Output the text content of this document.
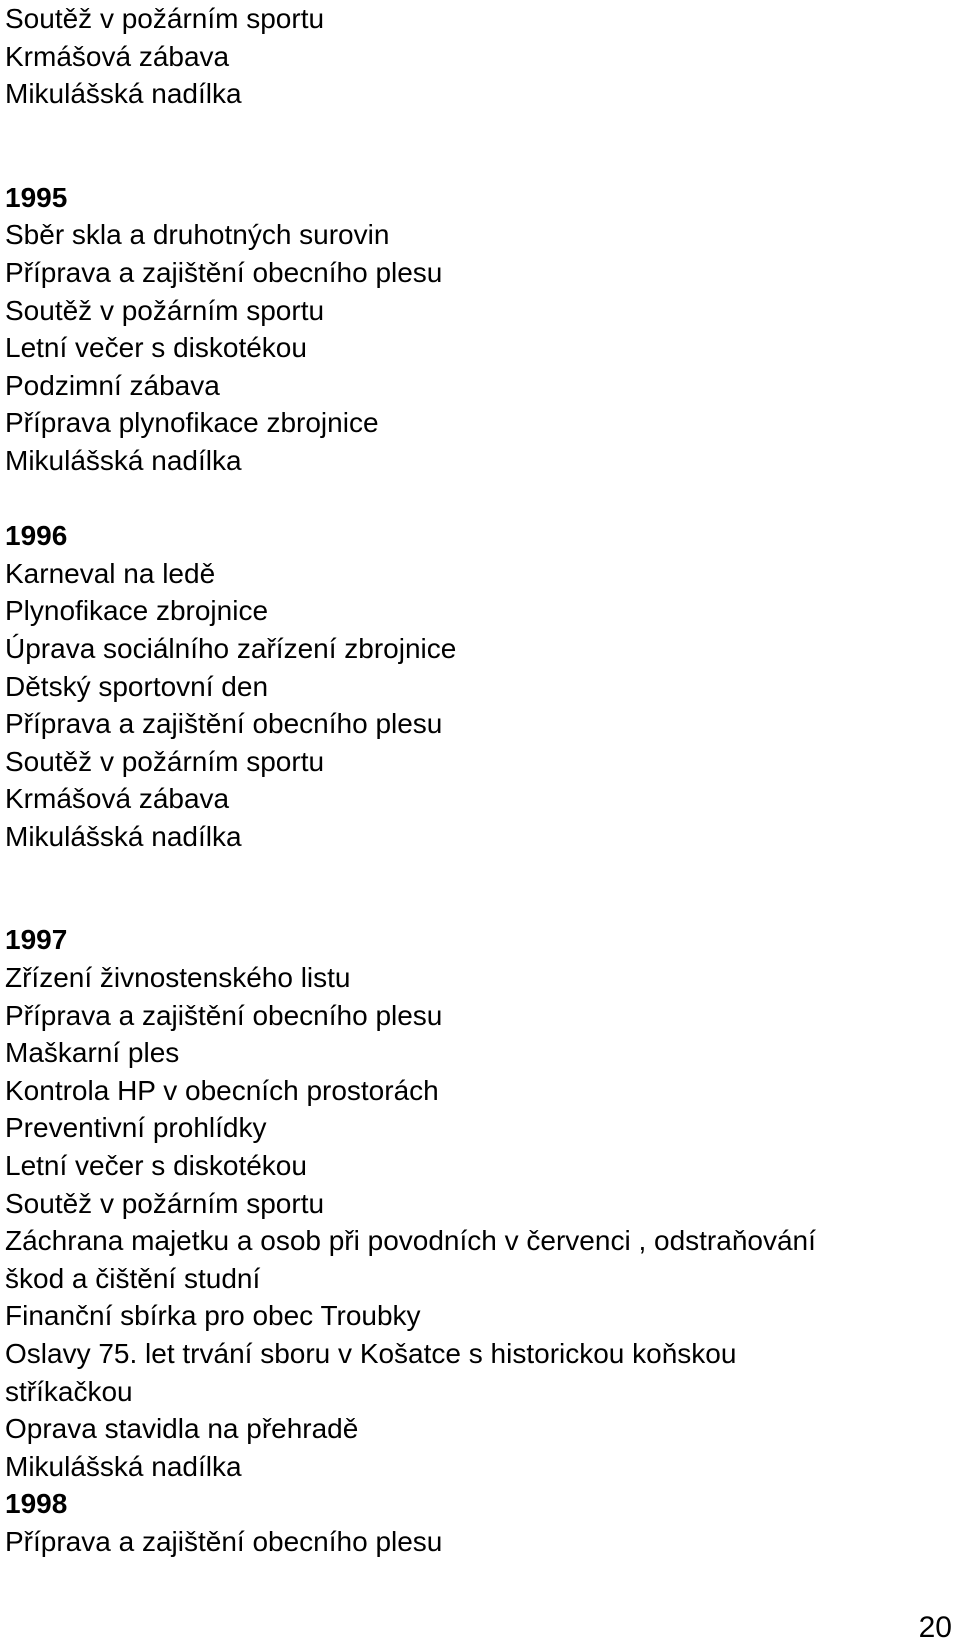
Soutěž v požárním sportu
Krmášová zábava
Mikulášská nadílka
1995
Sběr skla a druhotných surovin
Příprava a zajištění obecního plesu
Soutěž v požárním sportu
Letní večer s diskotékou
Podzimní zábava
Příprava plynofikace zbrojnice
Mikulášská nadílka
1996
Karneval na ledě
Plynofikace zbrojnice
Úprava sociálního zařízení zbrojnice
Dětský sportovní den
Příprava a zajištění obecního plesu
Soutěž v požárním sportu
Krmášová zábava
Mikulášská nadílka
1997
Zřízení živnostenského listu
Příprava a zajištění obecního plesu
Maškarní ples
Kontrola HP v obecních prostorách
Preventivní prohlídky
Letní večer s diskotékou
Soutěž v požárním sportu
Záchrana majetku a osob při povodních v červenci , odstraňování
škod a čištění studní
Finanční sbírka pro obec Troubky
Oslavy 75. let trvání sboru v Košatce s historickou koňskou
stříkačkou
Oprava stavidla na přehradě
Mikulášská nadílka
1998
Příprava a zajištění obecního plesu
20
